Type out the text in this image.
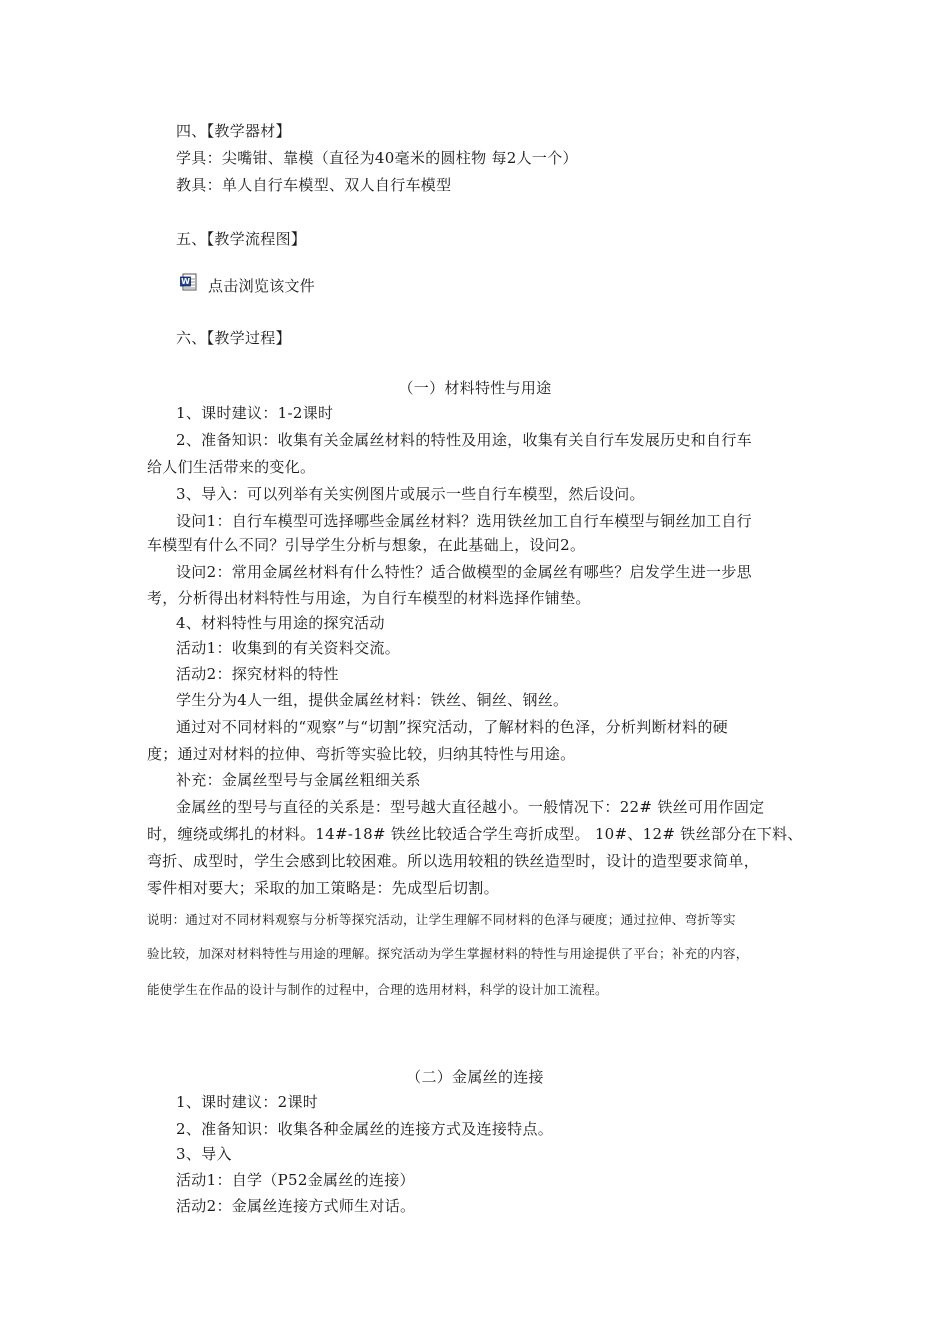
四、【教学器材】
学具：尖嘴钳、靠模（直径为40毫米的圆柱物 每2人一个）
教具：单人自行车模型、双人自行车模型
五、【教学流程图】
W 点击浏览该文件
六、【教学过程】
（一）材料特性与用途
1、课时建议：1-2课时
2、准备知识：收集有关金属丝材料的特性及用途，收集有关自行车发展历史和自行车
给人们生活带来的变化。
3、导入：可以列举有关实例图片或展示一些自行车模型，然后设问。
设问1：自行车模型可选择哪些金属丝材料？选用铁丝加工自行车模型与铜丝加工自行
车模型有什么不同？引导学生分析与想象，在此基础上，设问2。
设问2：常用金属丝材料有什么特性？适合做模型的金属丝有哪些？启发学生进一步思
考，分析得出材料特性与用途，为自行车模型的材料选择作铺垫。
4、材料特性与用途的探究活动
活动1：收集到的有关资料交流。
活动2：探究材料的特性
学生分为4人一组，提供金属丝材料：铁丝、铜丝、钢丝。
通过对不同材料的“观察”与“切割”探究活动，了解材料的色泽，分析判断材料的硬
度；通过对材料的拉伸、弯折等实验比较，归纳其特性与用途。
补充：金属丝型号与金属丝粗细关系
金属丝的型号与直径的关系是：型号越大直径越小。一般情况下：22# 铁丝可用作固定
时，缠绕或绑扎的材料。14#-18# 铁丝比较适合学生弯折成型。 10#、12# 铁丝部分在下料、
弯折、成型时，学生会感到比较困难。所以选用较粗的铁丝造型时，设计的造型要求简单，
零件相对要大；采取的加工策略是：先成型后切割。
说明：通过对不同材料观察与分析等探究活动，让学生理解不同材料的色泽与硬度；通过拉伸、弯折等实
验比较，加深对材料特性与用途的理解。探究活动为学生掌握材料的特性与用途提供了平台；补充的内容，
能使学生在作品的设计与制作的过程中，合理的选用材料，科学的设计加工流程。
（二）金属丝的连接
1、课时建议：2课时
2、准备知识：收集各种金属丝的连接方式及连接特点。
3、导入
活动1：自学（P52金属丝的连接）
活动2：金属丝连接方式师生对话。
